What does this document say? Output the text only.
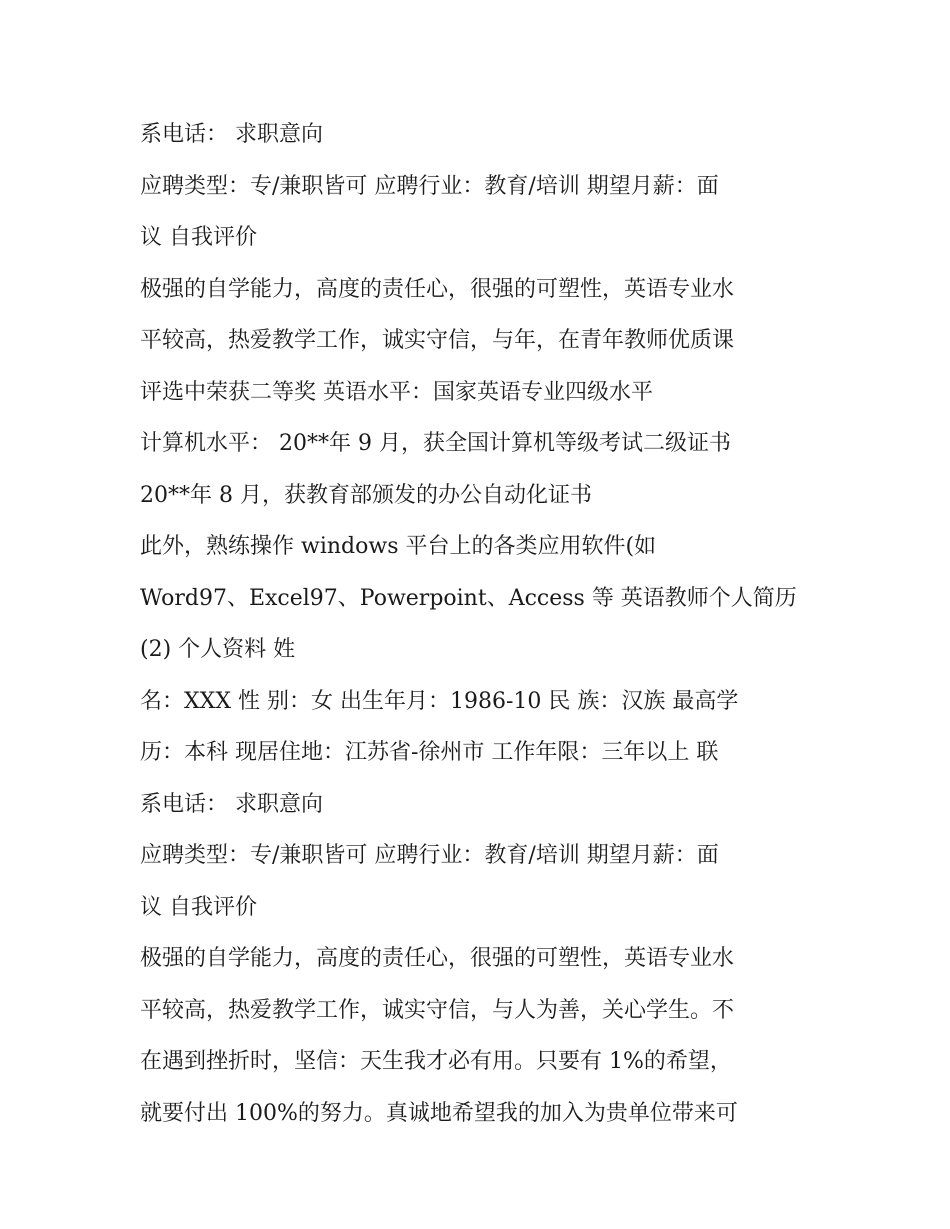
系电话： 求职意向

应聘类型：专/兼职皆可 应聘行业：教育/培训 期望月薪：面

议 自我评价

极强的自学能力，高度的责任心，很强的可塑性，英语专业水

平较高，热爱教学工作，诚实守信，与年，在青年教师优质课

评选中荣获二等奖 英语水平：国家英语专业四级水平

计算机水平： 20**年 9 月，获全国计算机等级考试二级证书

20**年 8 月，获教育部颁发的办公自动化证书

此外，熟练操作 windows 平台上的各类应用软件(如

Word97、Excel97、Powerpoint、Access 等 英语教师个人简历

(2) 个人资料 姓

名：XXX 性 别：女 出生年月：1986-10 民 族：汉族 最高学

历：本科 现居住地：江苏省-徐州市 工作年限：三年以上 联

系电话： 求职意向

应聘类型：专/兼职皆可 应聘行业：教育/培训 期望月薪：面

议 自我评价

极强的自学能力，高度的责任心，很强的可塑性，英语专业水

平较高，热爱教学工作，诚实守信，与人为善，关心学生。不

在遇到挫折时，坚信：天生我才必有用。只要有 1%的希望，

就要付出 100%的努力。真诚地希望我的加入为贵单位带来可
